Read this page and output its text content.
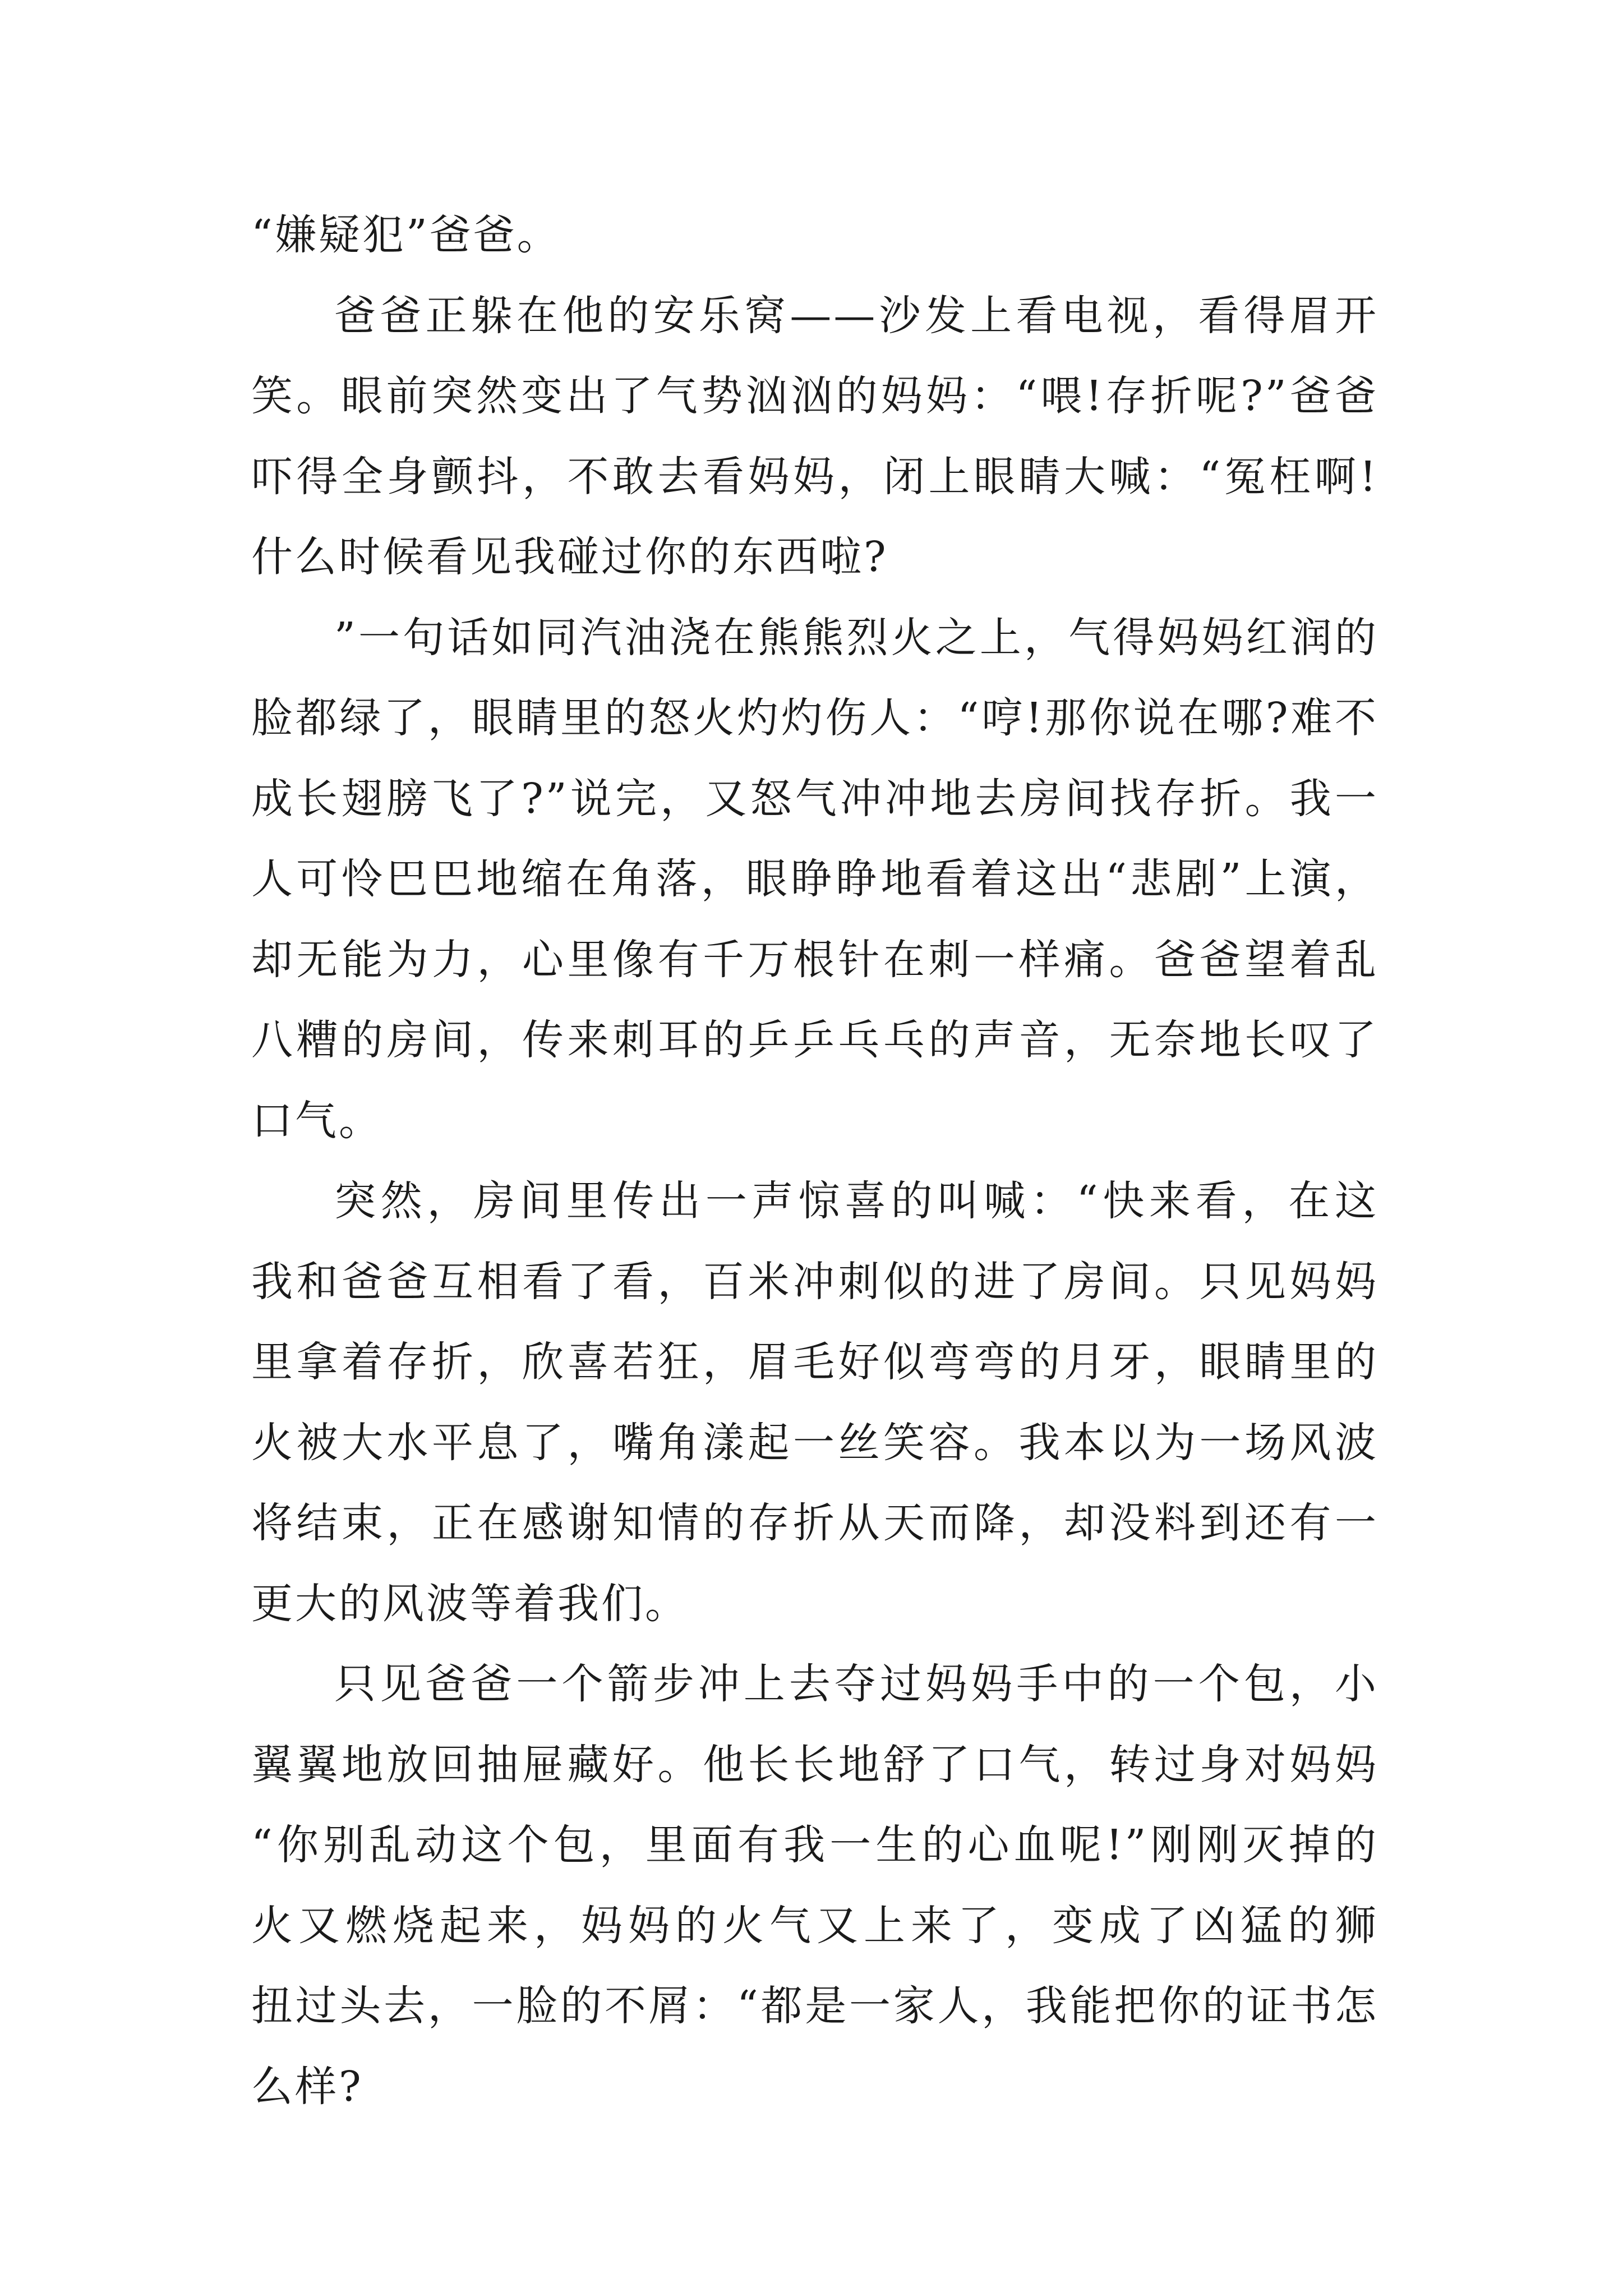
“嫌疑犯”爸爸。
爸爸正躲在他的安乐窝——沙发上看电视，看得眉开
笑。眼前突然变出了气势汹汹的妈妈：“喂!存折呢?”爸爸
吓得全身颤抖，不敢去看妈妈，闭上眼睛大喊：“冤枉啊!
什么时候看见我碰过你的东西啦?
”一句话如同汽油浇在熊熊烈火之上，气得妈妈红润的
脸都绿了，眼睛里的怒火灼灼伤人：“哼!那你说在哪?难不
成长翅膀飞了?”说完，又怒气冲冲地去房间找存折。我一
人可怜巴巴地缩在角落，眼睁睁地看着这出“悲剧”上演，
却无能为力，心里像有千万根针在刺一样痛。爸爸望着乱
八糟的房间，传来刺耳的乒乒乓乓的声音，无奈地长叹了
口气。
突然，房间里传出一声惊喜的叫喊：“快来看，在这
我和爸爸互相看了看，百米冲刺似的进了房间。只见妈妈
里拿着存折，欣喜若狂，眉毛好似弯弯的月牙，眼睛里的
火被大水平息了，嘴角漾起一丝笑容。我本以为一场风波
将结束，正在感谢知情的存折从天而降，却没料到还有一
更大的风波等着我们。
只见爸爸一个箭步冲上去夺过妈妈手中的一个包，小
翼翼地放回抽屉藏好。他长长地舒了口气，转过身对妈妈
“你别乱动这个包，里面有我一生的心血呢!”刚刚灭掉的
火又燃烧起来，妈妈的火气又上来了，变成了凶猛的狮
扭过头去，一脸的不屑：“都是一家人，我能把你的证书怎
么样?
